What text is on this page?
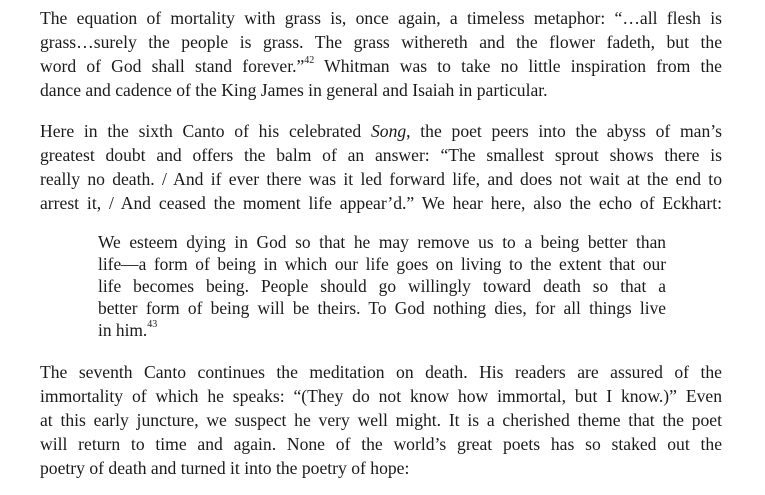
The equation of mortality with grass is, once again, a timeless metaphor: “…all flesh is
grass…surely the people is grass. The grass withereth and the flower fadeth, but the
word of God shall stand forever.”$^{42}$ Whitman was to take no little inspiration from the
dance and cadence of the King James in general and Isaiah in particular.
Here in the sixth Canto of his celebrated Song, the poet peers into the abyss of man’s
greatest doubt and offers the balm of an answer: “The smallest sprout shows there is
really no death. / And if ever there was it led forward life, and does not wait at the end to
arrest it, / And ceased the moment life appear’d.” We hear here, also the echo of Eckhart:
We esteem dying in God so that he may remove us to a being better than
life—a form of being in which our life goes on living to the extent that our
life becomes being. People should go willingly toward death so that a
better form of being will be theirs. To God nothing dies, for all things live
in him.$^{43}$
The seventh Canto continues the meditation on death. His readers are assured of the
immortality of which he speaks: “(They do not know how immortal, but I know.)” Even
at this early juncture, we suspect he very well might. It is a cherished theme that the poet
will return to time and again. None of the world’s great poets has so staked out the
poetry of death and turned it into the poetry of hope:
